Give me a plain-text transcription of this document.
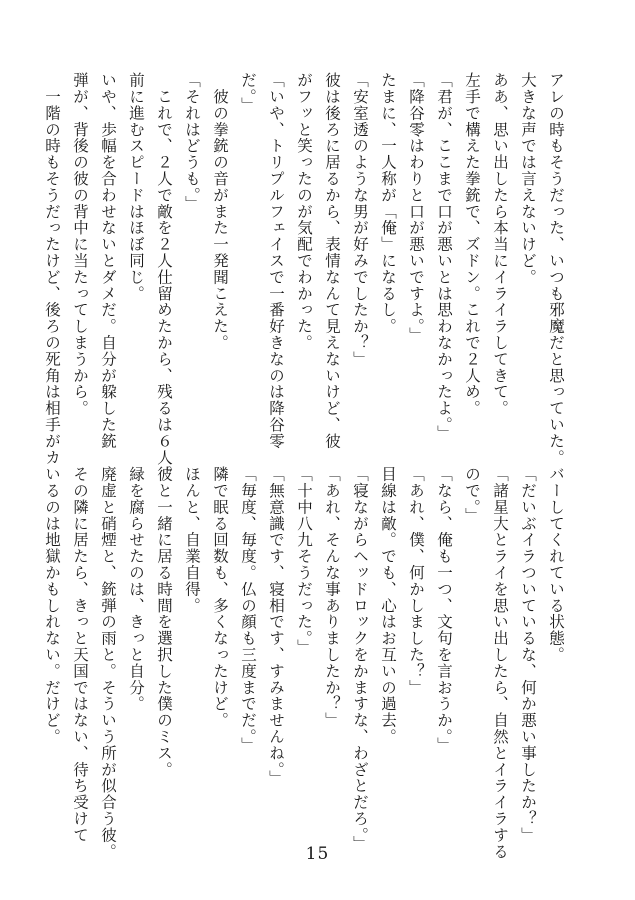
アレの時もそうだった、いつも邪魔だと思っていた。
大きな声では言えないけど。
ああ、思い出したら本当にイライラしてきて。
左手で構えた拳銃で、ズドン。これで２人め。
「君が、ここまで口が悪いとは思わなかったよ。」
「降谷零はわりと口が悪いですよ。」
たまに、一人称が「俺」になるし。
「安室透のような男が好みでしたか？」
彼は後ろに居るから、表情なんて見えないけど、彼
がフッと笑ったのが気配でわかった。
「いや、トリプルフェイスで一番好きなのは降谷零
だ。」
　彼の拳銃の音がまた一発聞こえた。
「それはどうも。」
　これで、２人で敵を２人仕留めたから、残るは６人。
前に進むスピードはほぼ同じ。
いや、歩幅を合わせないとダメだ。自分が躱した銃
弾が、背後の彼の背中に当たってしまうから。
　一階の時もそうだったけど、後ろの死角は相手がカ
バーしてくれている状態。
「だいぶイラついているな、何か悪い事したか？」
「諸星大とライを思い出したら、自然とイライラする
ので。」
「なら、俺も一つ、文句を言おうか。」
「あれ、僕、何かしました？」
目線は敵。でも、心はお互いの過去。
「寝ながらヘッドロックをかますな、わざとだろ。」
「あれ、そんな事ありましたか？」
「十中八九そうだった。」
「無意識です、寝相です、すみませんね。」
「毎度、毎度。仏の顔も三度までだ。」
隣で眠る回数も、多くなったけど。
ほんと、自業自得。
彼と一緒に居る時間を選択した僕のミス。
緑を腐らせたのは、きっと自分。
廃虚と硝煙と、銃弾の雨と。そういう所が似合う彼。
その隣に居たら、きっと天国ではない、待ち受けて
いるのは地獄かもしれない。だけど。
15
